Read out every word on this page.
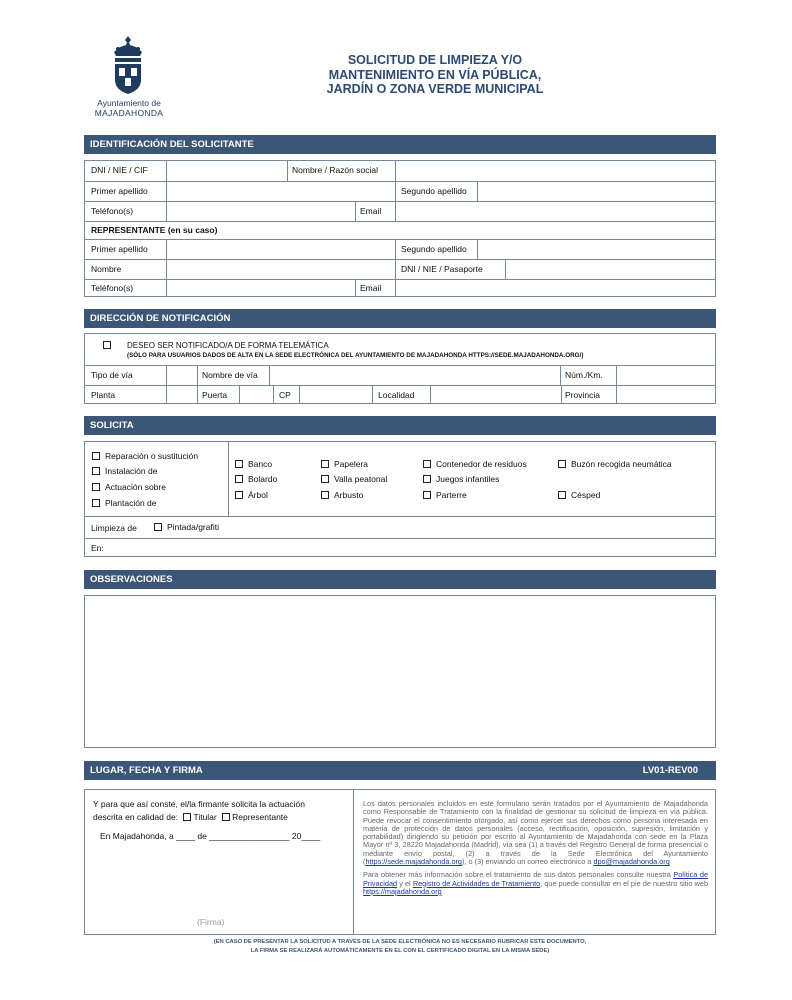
Ayuntamiento de
MAJADAHONDA
SOLICITUD DE LIMPIEZA Y/O
MANTENIMIENTO EN VÍA PÚBLICA,
JARDÍN O ZONA VERDE MUNICIPAL
IDENTIFICACIÓN DEL SOLICITANTE
DNI / NIE / CIF	Nombre / Razón social
Primer apellido	Segundo apellido
Teléfono(s)	Email
REPRESENTANTE (en su caso)
Primer apellido	Segundo apellido
Nombre	DNI / NIE / Pasaporte
Teléfono(s)	Email
DIRECCIÓN DE NOTIFICACIÓN
DESEO SER NOTIFICADO/A DE FORMA TELEMÁTICA
(SÓLO PARA USUARIOS DADOS DE ALTA EN LA SEDE ELECTRÓNICA DEL AYUNTAMIENTO DE MAJADAHONDA HTTPS://SEDE.MAJADAHONDA.ORG/)
Tipo de vía	Nombre de vía	Núm./Km.
Planta	Puerta	CP	Localidad	Provincia
SOLICITA
Reparación o sustitución
Instalación de
Actuación sobre
Plantación de
Banco	Papelera	Contenedor de residuos	Buzón recogida neumática
Bolardo	Valla peatonal	Juegos infantiles
Árbol	Arbusto	Parterre	Césped
Limpieza de	Pintada/grafiti
En:
OBSERVACIONES
LUGAR, FECHA Y FIRMA	LV01-REV00
Y para que así conste, el/la firmante solicita la actuación
descrita en calidad de: Titular Representante
En Majadahonda, a ____ de _________________ 20____
(Firma)
Los datos personales incluidos en este formulario serán tratados por el Ayuntamiento de Majadahonda como Responsable de Tratamiento con la finalidad de gestionar su solicitud de limpieza en vía pública. Puede revocar el consentimiento otorgado, así como ejercer sus derechos como persona interesada en materia de protección de datos personales (acceso, rectificación, oposición, supresión, limitación y portabilidad) dirigiendo su petición por escrito al Ayuntamiento de Majadahonda con sede en la Plaza Mayor nº 3, 28220 Majadahonda (Madrid), vía sea (1) a través del Registro General de forma presencial o mediante envío postal, (2) a través de la Sede Electrónica del Ayuntamiento (https://sede.majadahonda.org), o (3) enviando un correo electrónico a dpo@majadahonda.org
Para obtener más información sobre el tratamiento de sus datos personales consulte nuestra Política de Privacidad y el Registro de Actividades de Tratamiento, que puede consultar en el pie de nuestro sitio web https://majadahonda.org
(EN CASO DE PRESENTAR LA SOLICITUD A TRAVÉS DE LA SEDE ELECTRÓNICA NO ES NECESARIO RUBRICAR ESTE DOCUMENTO,
LA FIRMA SE REALIZARÁ AUTOMÁTICAMENTE EN EL CON EL CERTIFICADO DIGITAL EN LA MISMA SEDE)
